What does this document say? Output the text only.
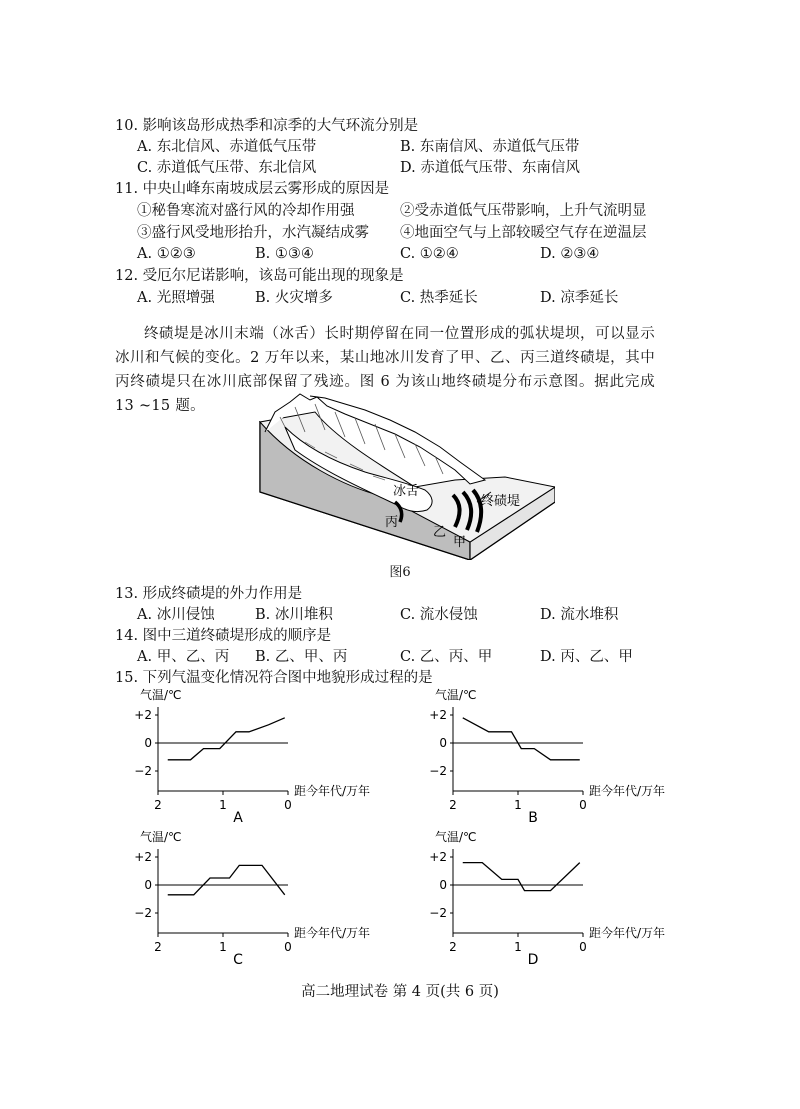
10. 影响该岛形成热季和凉季的大气环流分别是
A. 东北信风、赤道低气压带	B. 东南信风、赤道低气压带
C. 赤道低气压带、东北信风	D. 赤道低气压带、东南信风
11. 中央山峰东南坡成层云雾形成的原因是
①秘鲁寒流对盛行风的冷却作用强	②受赤道低气压带影响，上升气流明显
③盛行风受地形抬升，水汽凝结成雾 ④地面空气与上部较暖空气存在逆温层
A. ①②③	B. ①③④	C. ①②④	D. ②③④
12. 受厄尔尼诺影响，该岛可能出现的现象是
A. 光照增强	B. 火灾增多	C. 热季延长	D. 凉季延长
终碛堤是冰川末端（冰舌）长时期停留在同一位置形成的弧状堤坝，可以显示冰川和气候的变化。2 万年以来，某山地冰川发育了甲、乙、丙三道终碛堤，其中丙终碛堤只在冰川底部保留了残迹。图 6 为该山地终碛堤分布示意图。据此完成 13 ~15 题。
冰舌
终碛堤
丙
乙
甲
图6
13. 形成终碛堤的外力作用是
A. 冰川侵蚀	B. 冰川堆积	C. 流水侵蚀	D. 流水堆积
14. 图中三道终碛堤形成的顺序是
A. 甲、乙、丙 B. 乙、甲、丙	C. 乙、丙、甲	D. 丙、乙、甲
15. 下列气温变化情况符合图中地貌形成过程的是
气温/℃
+2
0
−2
2	1	0
距今年代/万年
A
气温/℃
+2
0
−2
2	1	0
距今年代/万年
B
气温/℃
+2
0
−2
2	1	0
距今年代/万年
C
气温/℃
+2
0
−2
2	1	0
距今年代/万年
D
高二地理试卷 第 4 页(共 6 页)
